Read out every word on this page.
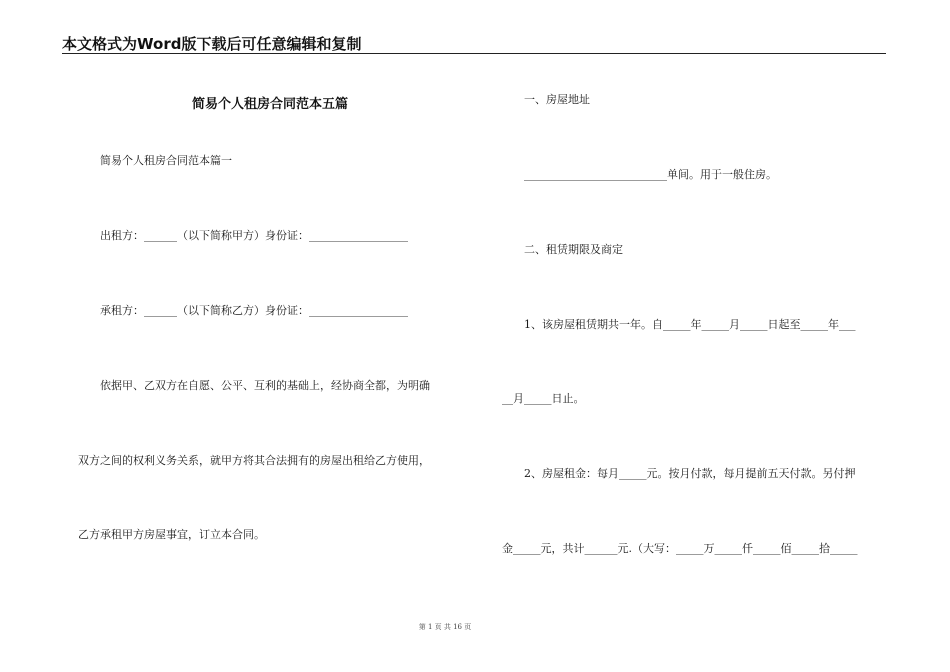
本文格式为Word版下载后可任意编辑和复制
简易个人租房合同范本五篇
简易个人租房合同范本篇一
出租方：______（以下简称甲方）身份证：__________________
承租方：______（以下简称乙方）身份证：__________________
依据甲、乙双方在自愿、公平、互利的基础上，经协商全都，为明确
双方之间的权利义务关系，就甲方将其合法拥有的房屋出租给乙方使用，
乙方承租甲方房屋事宜，订立本合同。
一、房屋地址
__________________________单间。用于一般住房。
二、租赁期限及商定
1、该房屋租赁期共一年。自_____年_____月_____日起至_____年___
__月_____日止。
2、房屋租金：每月_____元。按月付款，每月提前五天付款。另付押
金_____元，共计______元.（大写：_____万_____仟_____佰_____拾_____
第 1 页 共 16 页
